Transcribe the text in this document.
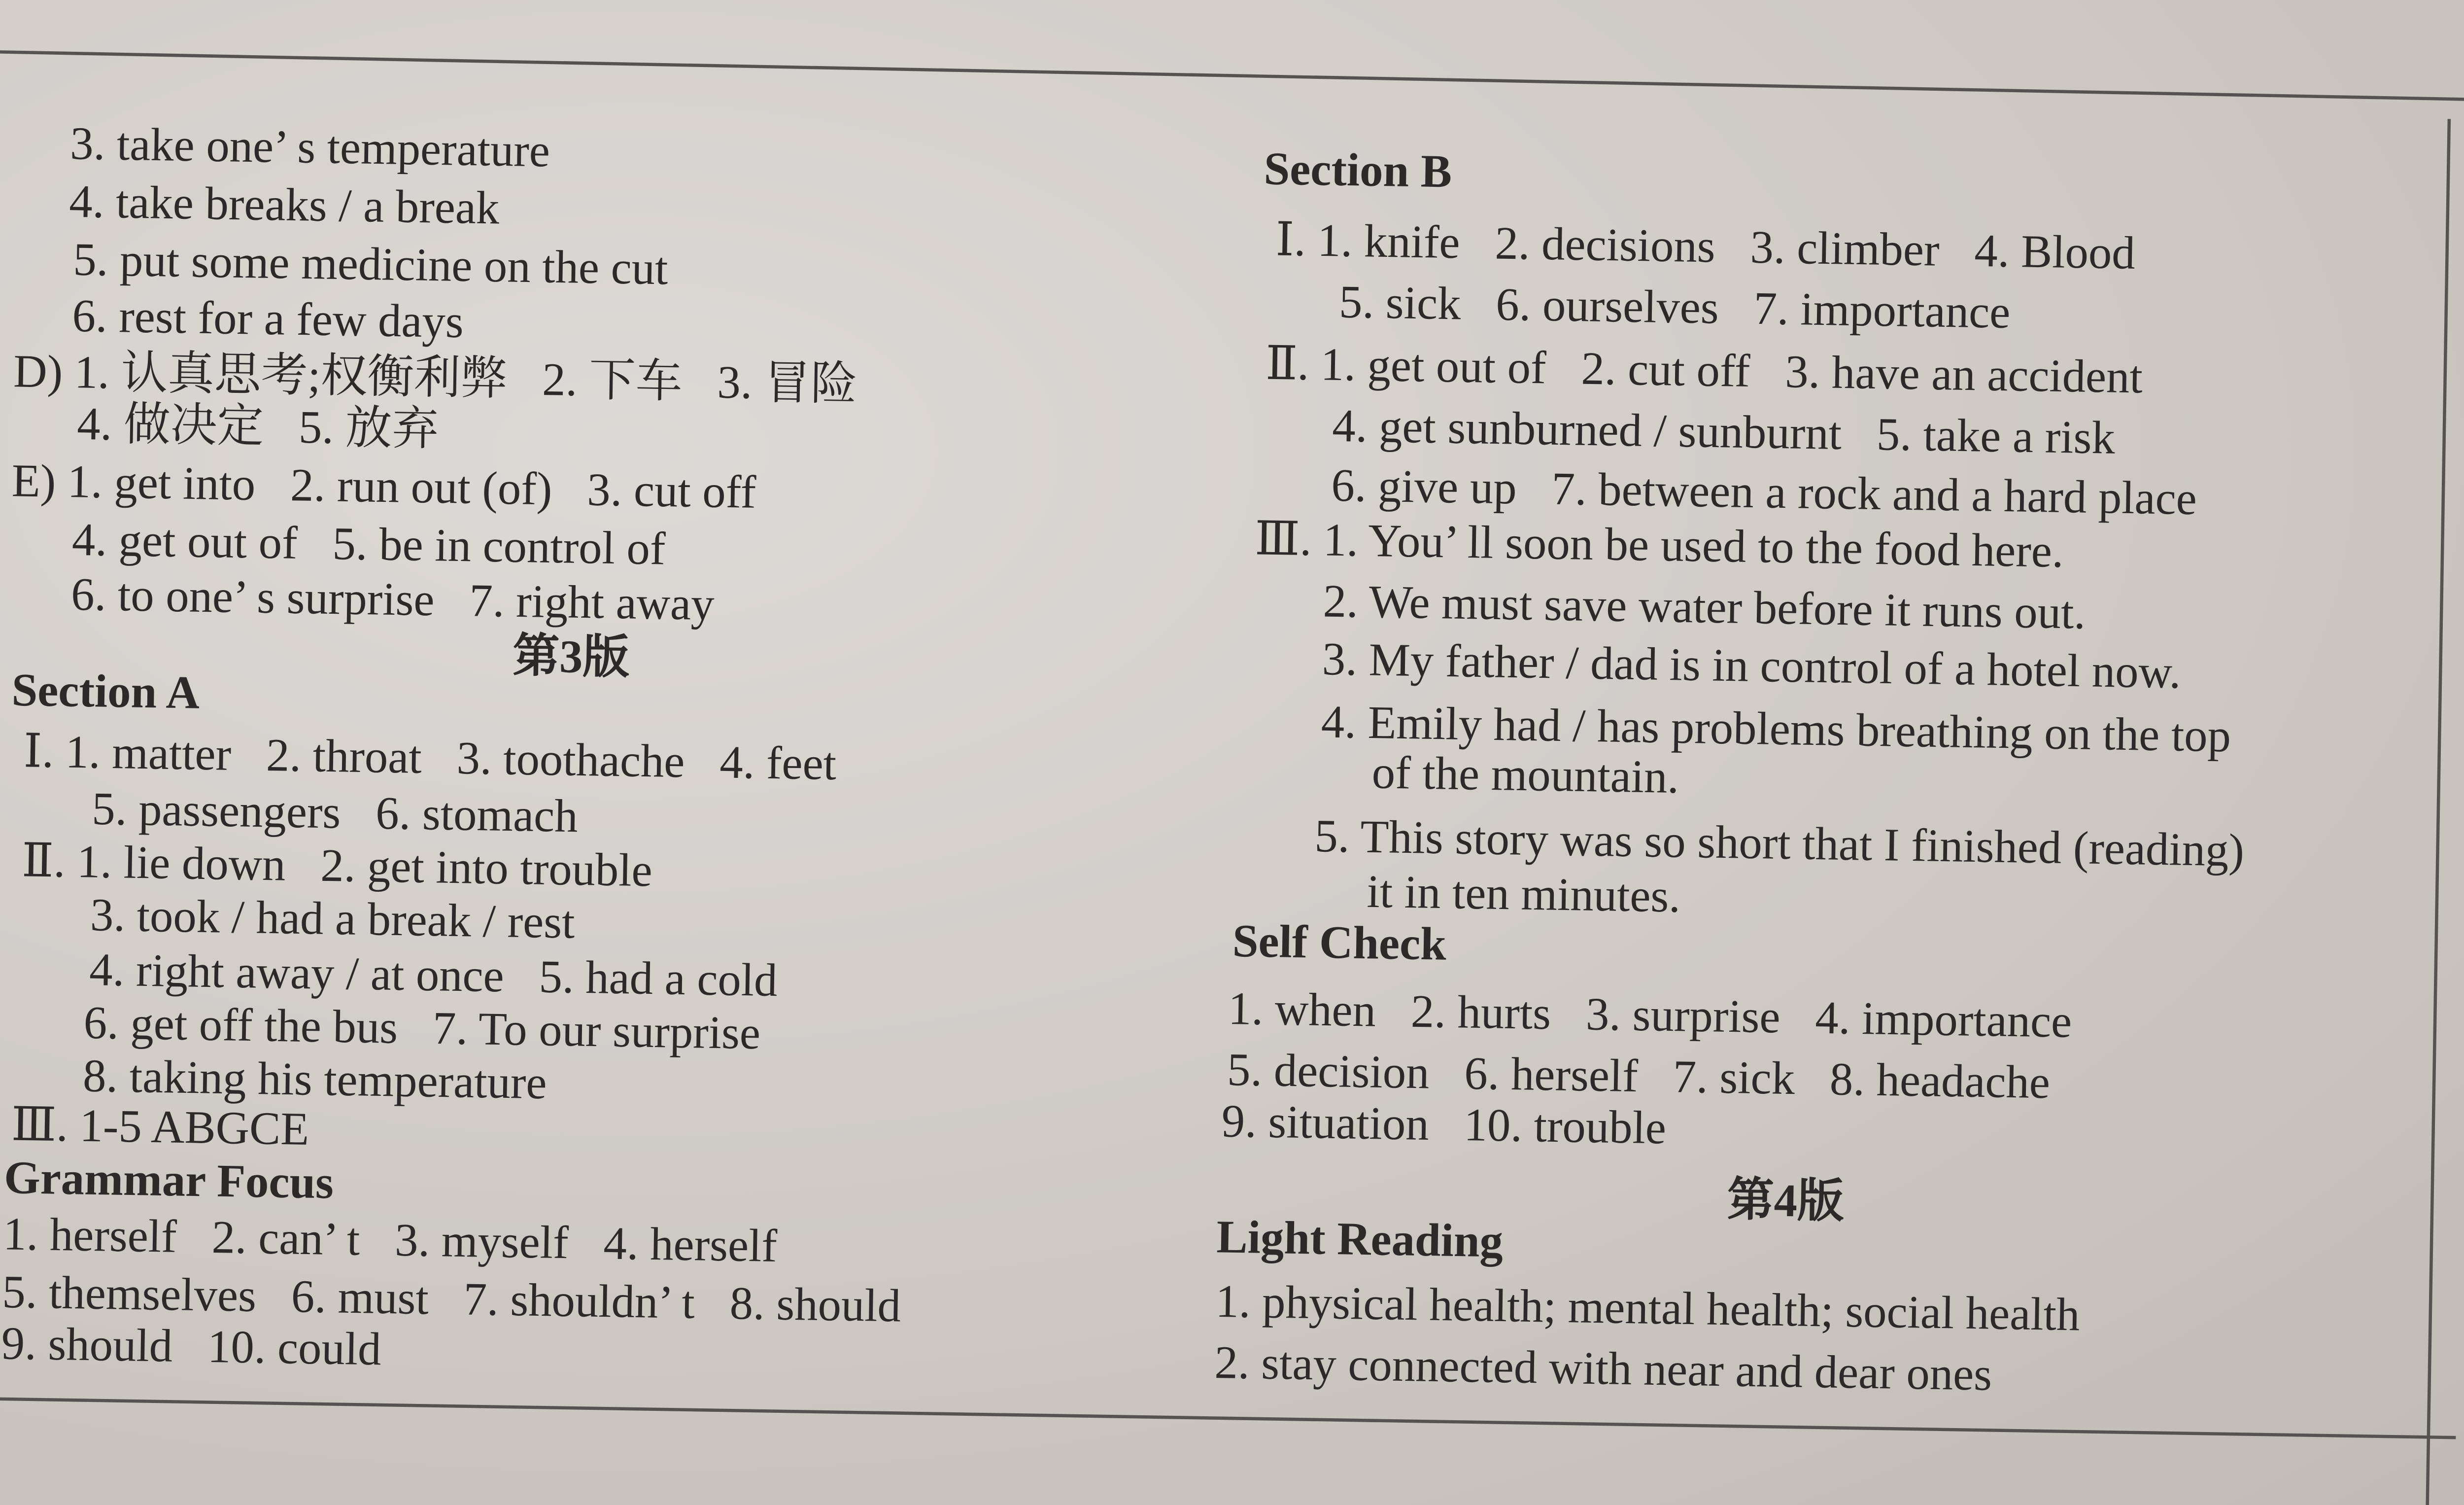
3. take one’ s temperature
4. take breaks / a break
5. put some medicine on the cut
6. rest for a few days
D) 1. 认真思考;权衡利弊   2. 下车   3. 冒险
4. 做决定   5. 放弃
E) 1. get into   2. run out (of)   3. cut off
4. get out of   5. be in control of
6. to one’ s surprise   7. right away
第3版
Section A
Ⅰ. 1. matter   2. throat   3. toothache   4. feet
5. passengers   6. stomach
Ⅱ. 1. lie down   2. get into trouble
3. took / had a break / rest
4. right away / at once   5. had a cold
6. get off the bus   7. To our surprise
8. taking his temperature
Ⅲ. 1-5 ABGCE
Grammar Focus
1. herself   2. can’ t   3. myself   4. herself
5. themselves   6. must   7. shouldn’ t   8. should
9. should   10. could
Section B
Ⅰ. 1. knife   2. decisions   3. climber   4. Blood
5. sick   6. ourselves   7. importance
Ⅱ. 1. get out of   2. cut off   3. have an accident
4. get sunburned / sunburnt   5. take a risk
6. give up   7. between a rock and a hard place
Ⅲ. 1. You’ ll soon be used to the food here.
2. We must save water before it runs out.
3. My father / dad is in control of a hotel now.
4. Emily had / has problems breathing on the top
of the mountain.
5. This story was so short that I finished (reading)
it in ten minutes.
Self Check
1. when   2. hurts   3. surprise   4. importance
5. decision   6. herself   7. sick   8. headache
9. situation   10. trouble
第4版
Light Reading
1. physical health; mental health; social health
2. stay connected with near and dear ones
